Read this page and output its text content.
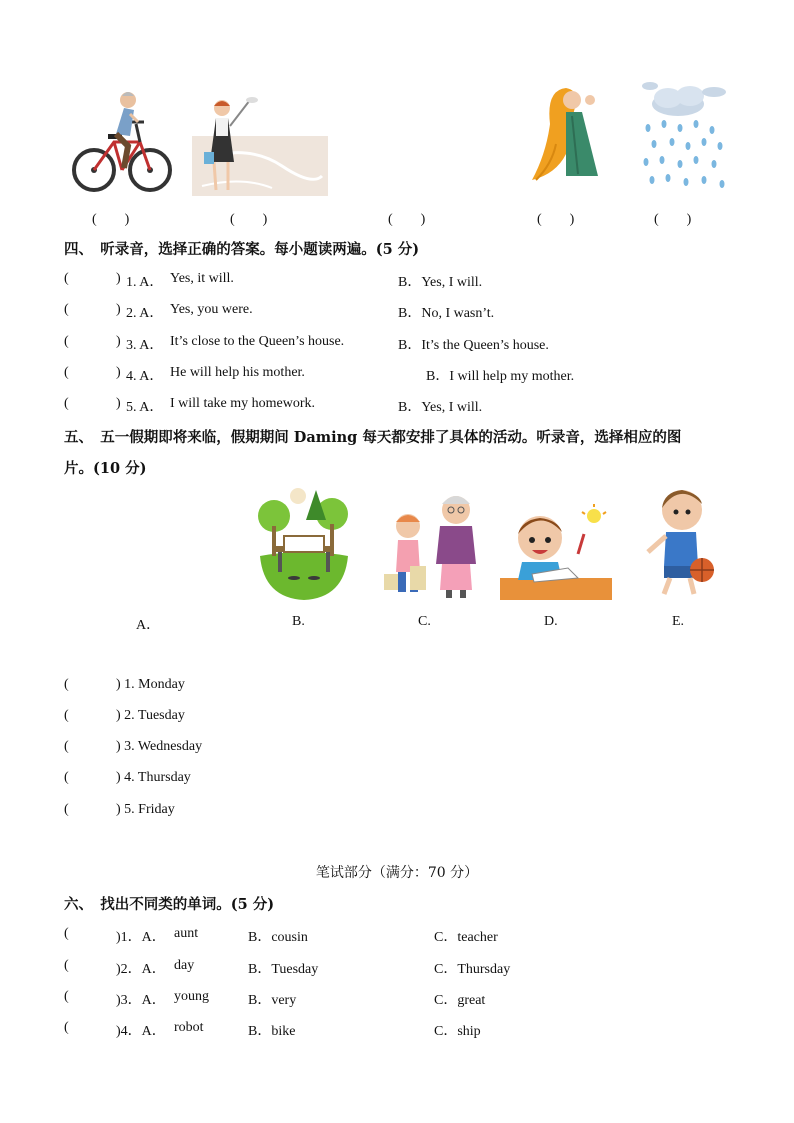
(　　)	(　　)	(　　)	(　　)	(　　)
四、　听录音，选择正确的答案。每小题读两遍。(5 分)
(	) 1. A． Yes, it will.	B．Yes, I will.
(	) 2. A． Yes, you were.	B．No, I wasn’t.
(	) 3. A． It’s close to the Queen’s house.	B．It’s the Queen’s house.
(	) 4. A． He will help his mother.	B．I will help my mother.
(	) 5. A． I will take my homework.	B．Yes, I will.
五、　五一假期即将来临，假期期间 Daming 每天都安排了具体的活动。听录音，选择相应的图
片。(10 分)
A．	B.	C.	D.	E.
(	) 1. Monday
(	) 2. Tuesday
(	) 3. Wednesday
(	) 4. Thursday
(	) 5. Friday
笔试部分（满分：70 分）
六、　找出不同类的单词。(5 分)
(	)1．A． aunt	B．cousin	C．teacher
(	)2．A． day	B．Tuesday	C．Thursday
(	)3．A． young	B．very	C．great
(	)4．A． robot	B．bike	C．ship
